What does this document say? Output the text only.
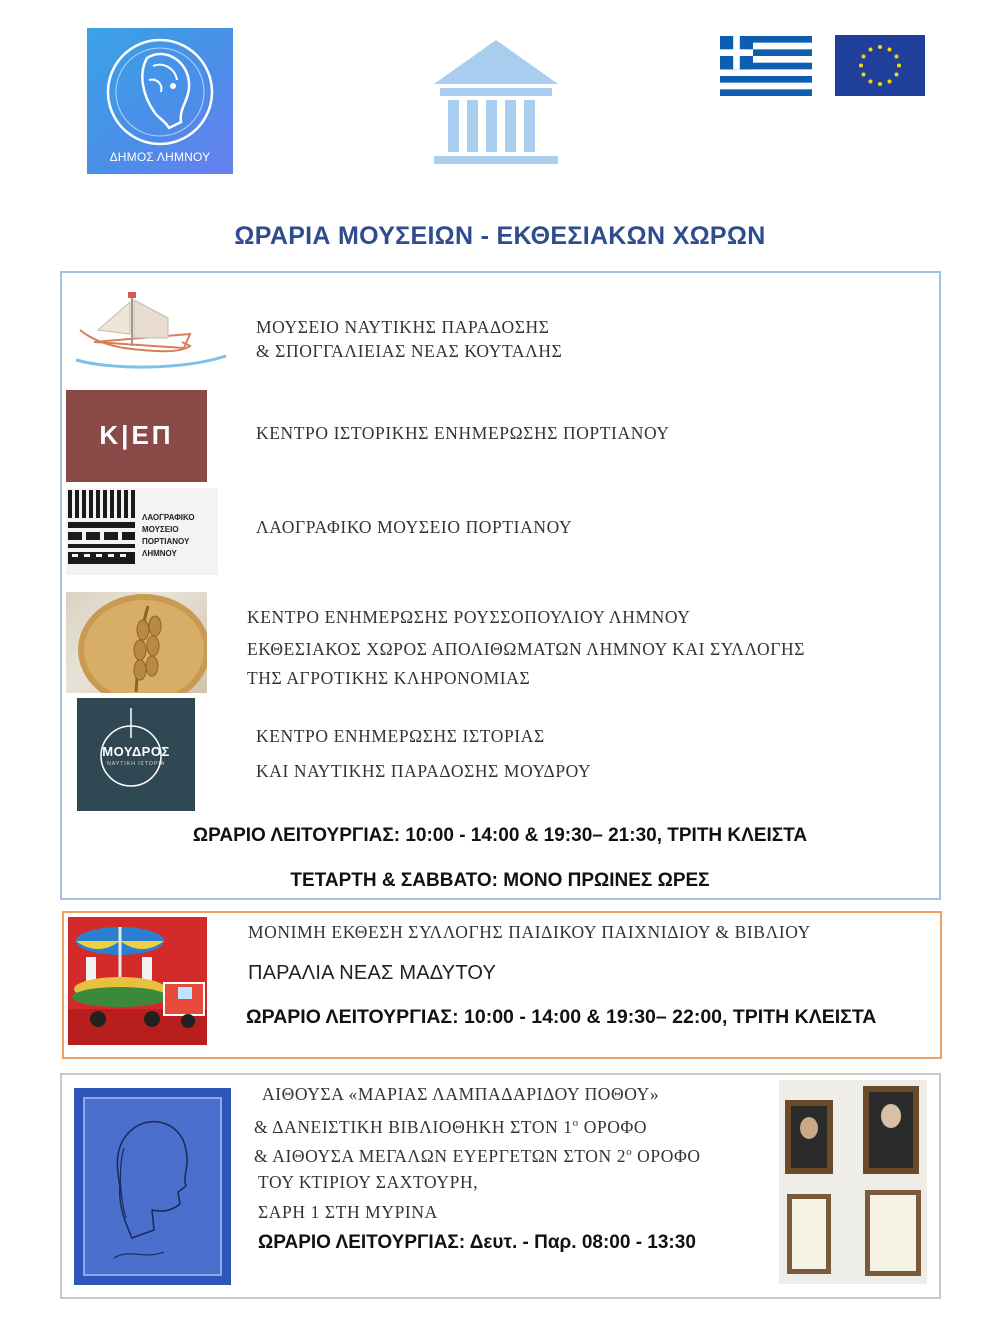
ΔΗΜΟΣ ΛΗΜΝΟΥ
ΩΡΑΡΙΑ ΜΟΥΣΕΙΩΝ - ΕΚΘΕΣΙΑΚΩΝ ΧΩΡΩΝ
ΜΟΥΣΕΙΟ ΝΑΥΤΙΚΗΣ ΠΑΡΑΔΟΣΗΣ
& ΣΠΟΓΓΑΛΙΕΙΑΣ ΝΕΑΣ ΚΟΥΤΑΛΗΣ
Κ|ΕΠ	ΚΕΝΤΡΟ ΙΣΤΟΡΙΚΗΣ ΕΝΗΜΕΡΩΣΗΣ ΠΟΡΤΙΑΝΟΥ
ΛΑΟΓΡΑΦΙΚΟ
ΜΟΥΣΕΙΟ
ΠΟΡΤΙΑΝΟΥ
ΛΗΜΝΟΥ
ΛΑΟΓΡΑΦΙΚΟ ΜΟΥΣΕΙΟ ΠΟΡΤΙΑΝΟΥ
ΚΕΝΤΡΟ ΕΝΗΜΕΡΩΣΗΣ ΡΟΥΣΣΟΠΟΥΛΙΟΥ ΛΗΜΝΟΥ
ΕΚΘΕΣΙΑΚΟΣ ΧΩΡΟΣ ΑΠΟΛΙΘΩΜΑΤΩΝ ΛΗΜΝΟΥ ΚΑΙ ΣΥΛΛΟΓΗΣ
ΤΗΣ ΑΓΡΟΤΙΚΗΣ ΚΛΗΡΟΝΟΜΙΑΣ
ΜΟΥΔΡΟΣ
ΝΑΥΤΙΚΗ ΙΣΤΟΡΙΑ
ΚΕΝΤΡΟ ΕΝΗΜΕΡΩΣΗΣ ΙΣΤΟΡΙΑΣ
ΚΑΙ ΝΑΥΤΙΚΗΣ ΠΑΡΑΔΟΣΗΣ ΜΟΥΔΡΟΥ
ΩΡΑΡΙΟ ΛΕΙΤΟΥΡΓΙΑΣ: 10:00 - 14:00 & 19:30– 21:30, ΤΡΙΤΗ ΚΛΕΙΣΤΑ
ΤΕΤΑΡΤΗ & ΣΑΒΒΑΤΟ: ΜΟΝΟ ΠΡΩΙΝΕΣ ΩΡΕΣ
ΜΟΝΙΜΗ ΕΚΘΕΣΗ ΣΥΛΛΟΓΗΣ ΠΑΙΔΙΚΟΥ ΠΑΙΧΝΙΔΙΟΥ & ΒΙΒΛΙΟΥ
ΠΑΡΑΛΙΑ ΝΕΑΣ ΜΑΔΥΤΟΥ
ΩΡΑΡΙΟ ΛΕΙΤΟΥΡΓΙΑΣ: 10:00 - 14:00 & 19:30– 22:00, ΤΡΙΤΗ ΚΛΕΙΣΤΑ
ΑΙΘΟΥΣΑ «ΜΑΡΙΑΣ ΛΑΜΠΑΔΑΡΙΔΟΥ ΠΟΘΟΥ»
& ΔΑΝΕΙΣΤΙΚΗ ΒΙΒΛΙΟΘΗΚΗ ΣΤΟΝ $1^o$ ΟΡΟΦΟ
& ΑΙΘΟΥΣΑ ΜΕΓΑΛΩΝ ΕΥΕΡΓΕΤΩΝ ΣΤΟΝ $2^o$ ΟΡΟΦΟ
ΤΟΥ ΚΤΙΡΙΟΥ ΣΑΧΤΟΥΡΗ,
ΣΑΡΗ 1 ΣΤΗ ΜΥΡΙΝΑ
ΩΡΑΡΙΟ ΛΕΙΤΟΥΡΓΙΑΣ: Δευτ. - Παρ. 08:00 - 13:30
